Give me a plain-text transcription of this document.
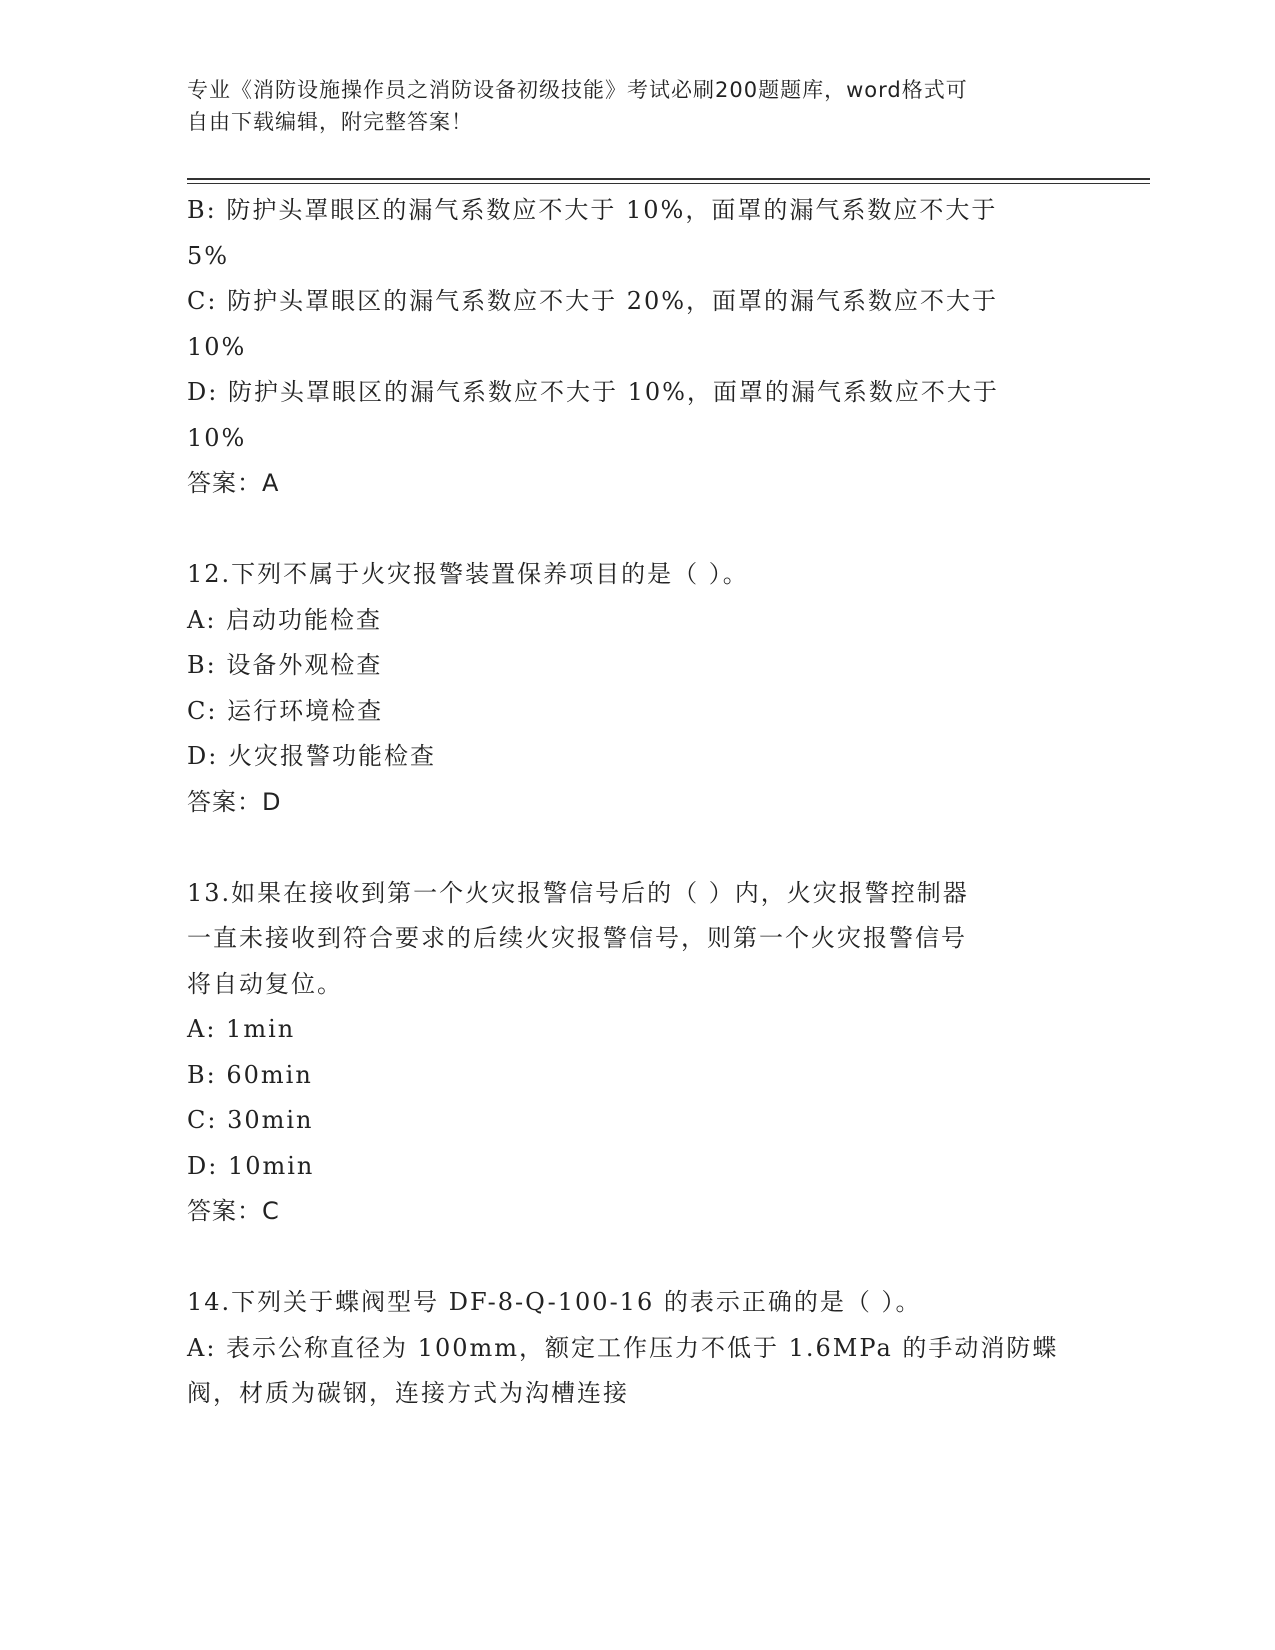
专业《消防设施操作员之消防设备初级技能》考试必刷200题题库，word格式可
自由下载编辑，附完整答案！
B: 防护头罩眼区的漏气系数应不大于 10%，面罩的漏气系数应不大于
5%
C: 防护头罩眼区的漏气系数应不大于 20%，面罩的漏气系数应不大于
10%
D: 防护头罩眼区的漏气系数应不大于 10%，面罩的漏气系数应不大于
10%
答案：A
12.下列不属于火灾报警装置保养项目的是（ ）。
A: 启动功能检查
B: 设备外观检查
C: 运行环境检查
D: 火灾报警功能检查
答案：D
13.如果在接收到第一个火灾报警信号后的（ ）内，火灾报警控制器
一直未接收到符合要求的后续火灾报警信号，则第一个火灾报警信号
将自动复位。
A: 1min
B: 60min
C: 30min
D: 10min
答案：C
14.下列关于蝶阀型号 DF-8-Q-100-16 的表示正确的是（ ）。
A: 表示公称直径为 100mm，额定工作压力不低于 1.6MPa 的手动消防蝶
阀，材质为碳钢，连接方式为沟槽连接
